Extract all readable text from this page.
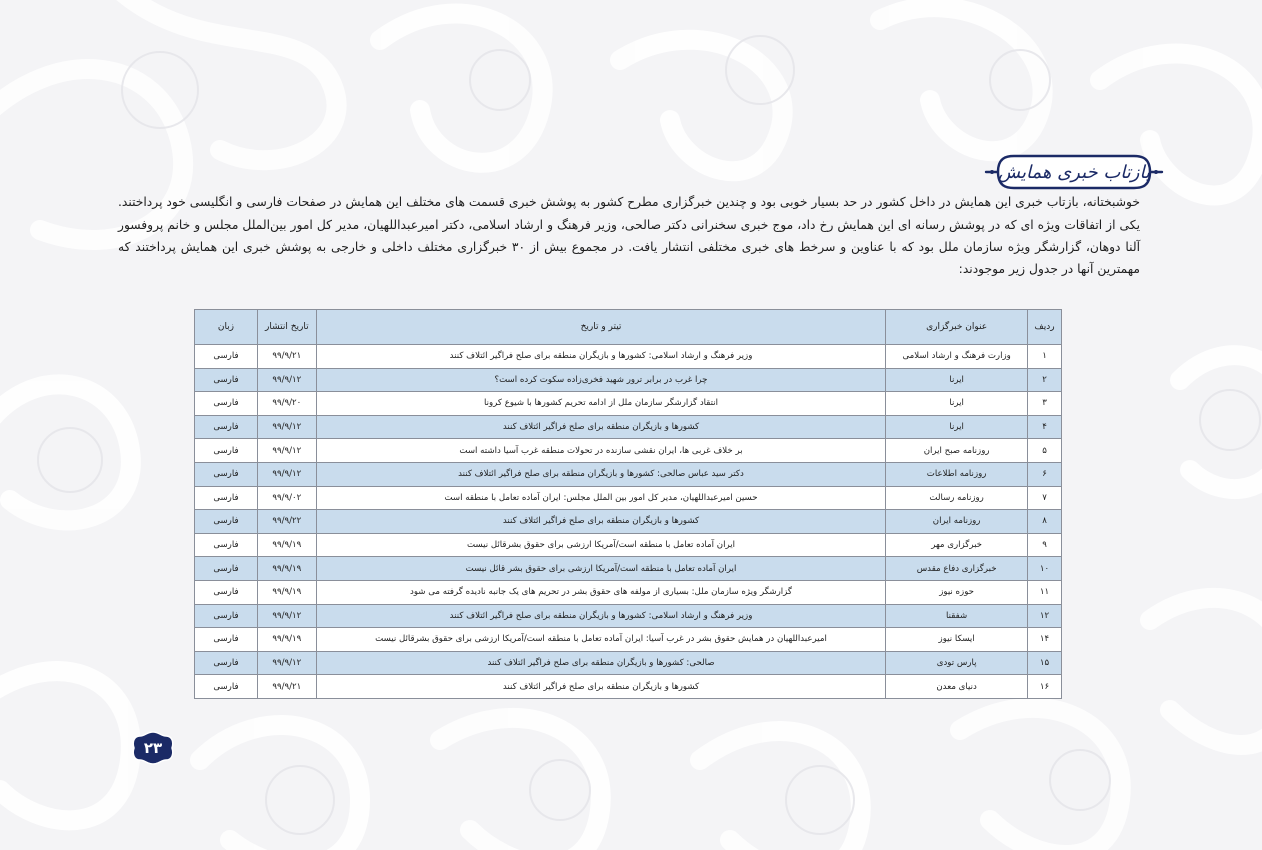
بازتاب خبری همایش

خوشبختانه، بازتاب خبری این همایش در داخل کشور در حد بسیار خوبی بود و چندین خبرگزاری مطرح کشور به پوشش خبری قسمت های مختلف این همایش در صفحات فارسی و انگلیسی خود پرداختند. یکی از اتفاقات ویژه ای که در پوشش رسانه ای این همایش رخ داد، موج خبری سخنرانی دکتر صالحی، وزیر فرهنگ و ارشاد اسلامی، دکتر امیرعبداللهیان، مدیر کل امور بین‌الملل مجلس و خانم پروفسور آلنا دوهان، گزارشگر ویژه سازمان ملل بود که با عناوین و سرخط های خبری مختلفی انتشار یافت. در مجموع بیش از ۳۰ خبرگزاری مختلف داخلی و خارجی به پوشش خبری این همایش پرداختند که مهمترین آنها در جدول زیر موجودند:

ردیف	عنوان خبرگزاری	تیتر و تاریخ	تاریخ انتشار	زبان
۱	وزارت فرهنگ و ارشاد اسلامی	وزیر فرهنگ و ارشاد اسلامی: کشورها و بازیگران منطقه برای صلح فراگیر ائتلاف کنند	۹۹/۹/۲۱	فارسی
۲	ایرنا	چرا غرب در برابر ترور شهید فخری‌زاده سکوت کرده است؟	۹۹/۹/۱۲	فارسی
۳	ایرنا	انتقاد گزارشگر سازمان ملل از ادامه تحریم کشورها با شیوع کرونا	۹۹/۹/۲۰	فارسی
۴	ایرنا	کشورها و بازیگران منطقه برای صلح فراگیر ائتلاف کنند	۹۹/۹/۱۲	فارسی
۵	روزنامه صبح ایران	بر خلاف غربی ها، ایران نقشی سازنده در تحولات منطقه غرب آسیا داشته است	۹۹/۹/۱۲	فارسی
۶	روزنامه اطلاعات	دکتر سید عباس صالحی: کشورها و بازیگران منطقه برای صلح فراگیر ائتلاف کنند	۹۹/۹/۱۲	فارسی
۷	روزنامه رسالت	حسین امیرعبداللهیان، مدیر کل امور بین الملل مجلس: ایران آماده تعامل با منطقه است	۹۹/۹/۰۲	فارسی
۸	روزنامه ایران	کشورها و بازیگران منطقه برای صلح فراگیر ائتلاف کنند	۹۹/۹/۲۲	فارسی
۹	خبرگزاری مهر	ایران آماده تعامل با منطقه است/آمریکا ارزشی برای حقوق بشرقائل نیست	۹۹/۹/۱۹	فارسی
۱۰	خبرگزاری دفاع مقدس	ایران آماده تعامل با منطقه است/آمریکا ارزشی برای حقوق بشر قائل نیست	۹۹/۹/۱۹	فارسی
۱۱	حوزه نیوز	گزارشگر ویژه سازمان ملل: بسیاری از مولفه های حقوق بشر در تحریم های یک جانبه نادیده گرفته می شود	۹۹/۹/۱۹	فارسی
۱۲	شفقنا	وزیر فرهنگ و ارشاد اسلامی: کشورها و بازیگران منطقه برای صلح فراگیر ائتلاف کنند	۹۹/۹/۱۲	فارسی
۱۴	ایسکا نیوز	امیرعبداللهیان در همایش حقوق بشر در غرب آسیا: ایران آماده تعامل با منطقه است/آمریکا ارزشی برای حقوق بشرقائل نیست	۹۹/۹/۱۹	فارسی
۱۵	پارس تودی	صالحی: کشورها و بازیگران منطقه برای صلح فراگیر ائتلاف کنند	۹۹/۹/۱۲	فارسی
۱۶	دنیای معدن	کشورها و بازیگران منطقه برای صلح فراگیر ائتلاف کنند	۹۹/۹/۲۱	فارسی
۲۳
